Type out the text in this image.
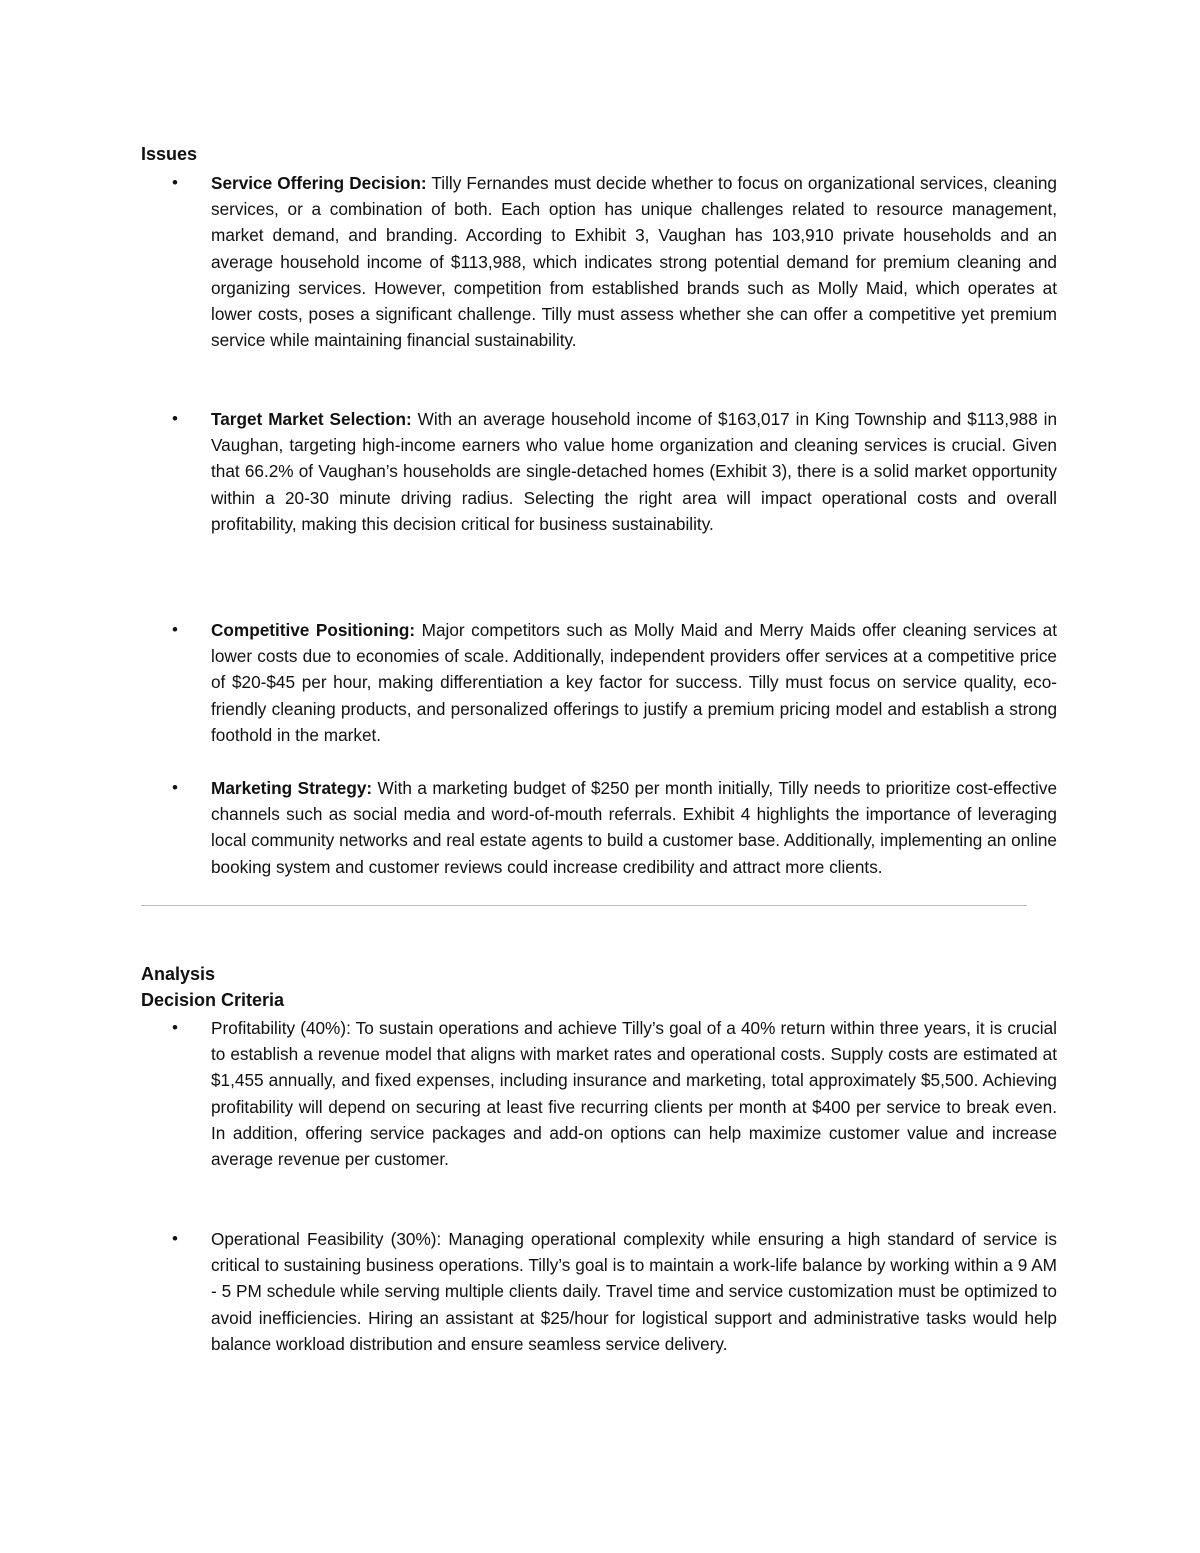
Issues

•	Service Offering Decision: Tilly Fernandes must decide whether to focus on organizational services, cleaning services, or a combination of both. Each option has unique challenges related to resource management, market demand, and branding. According to Exhibit 3, Vaughan has 103,910 private households and an average household income of $113,988, which indicates strong potential demand for premium cleaning and organizing services. However, competition from established brands such as Molly Maid, which operates at lower costs, poses a significant challenge. Tilly must assess whether she can offer a competitive yet premium service while maintaining financial sustainability.

•	Target Market Selection: With an average household income of $163,017 in King Township and $113,988 in Vaughan, targeting high-income earners who value home organization and cleaning services is crucial. Given that 66.2% of Vaughan’s households are single-detached homes (Exhibit 3), there is a solid market opportunity within a 20-30 minute driving radius. Selecting the right area will impact operational costs and overall profitability, making this decision critical for business sustainability.

•	Competitive Positioning: Major competitors such as Molly Maid and Merry Maids offer cleaning services at lower costs due to economies of scale. Additionally, independent providers offer services at a competitive price of $20-$45 per hour, making differentiation a key factor for success. Tilly must focus on service quality, eco-friendly cleaning products, and personalized offerings to justify a premium pricing model and establish a strong foothold in the market.

•	Marketing Strategy: With a marketing budget of $250 per month initially, Tilly needs to prioritize cost-effective channels such as social media and word-of-mouth referrals. Exhibit 4 highlights the importance of leveraging local community networks and real estate agents to build a customer base. Additionally, implementing an online booking system and customer reviews could increase credibility and attract more clients.

Analysis
Decision Criteria

•	Profitability (40%): To sustain operations and achieve Tilly’s goal of a 40% return within three years, it is crucial to establish a revenue model that aligns with market rates and operational costs. Supply costs are estimated at $1,455 annually, and fixed expenses, including insurance and marketing, total approximately $5,500. Achieving profitability will depend on securing at least five recurring clients per month at $400 per service to break even. In addition, offering service packages and add-on options can help maximize customer value and increase average revenue per customer.

•	Operational Feasibility (30%): Managing operational complexity while ensuring a high standard of service is critical to sustaining business operations. Tilly’s goal is to maintain a work-life balance by working within a 9 AM - 5 PM schedule while serving multiple clients daily. Travel time and service customization must be optimized to avoid inefficiencies. Hiring an assistant at $25/hour for logistical support and administrative tasks would help balance workload distribution and ensure seamless service delivery.
